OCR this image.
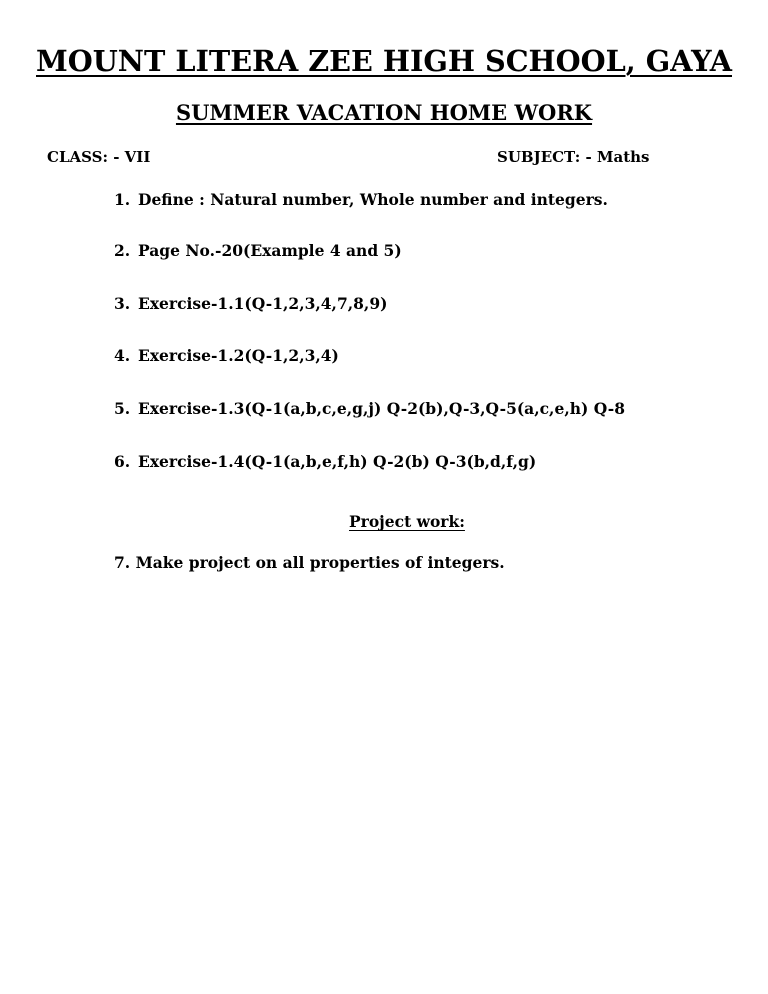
MOUNT LITERA ZEE HIGH SCHOOL, GAYA
SUMMER VACATION HOME WORK
CLASS: - VII	SUBJECT: - Maths
1. Define : Natural number, Whole number and integers.
2. Page No.-20(Example 4 and 5)
3. Exercise-1.1(Q-1,2,3,4,7,8,9)
4. Exercise-1.2(Q-1,2,3,4)
5. Exercise-1.3(Q-1(a,b,c,e,g,j) Q-2(b),Q-3,Q-5(a,c,e,h) Q-8
6. Exercise-1.4(Q-1(a,b,e,f,h) Q-2(b) Q-3(b,d,f,g)
Project work:
7. Make project on all properties of integers.
